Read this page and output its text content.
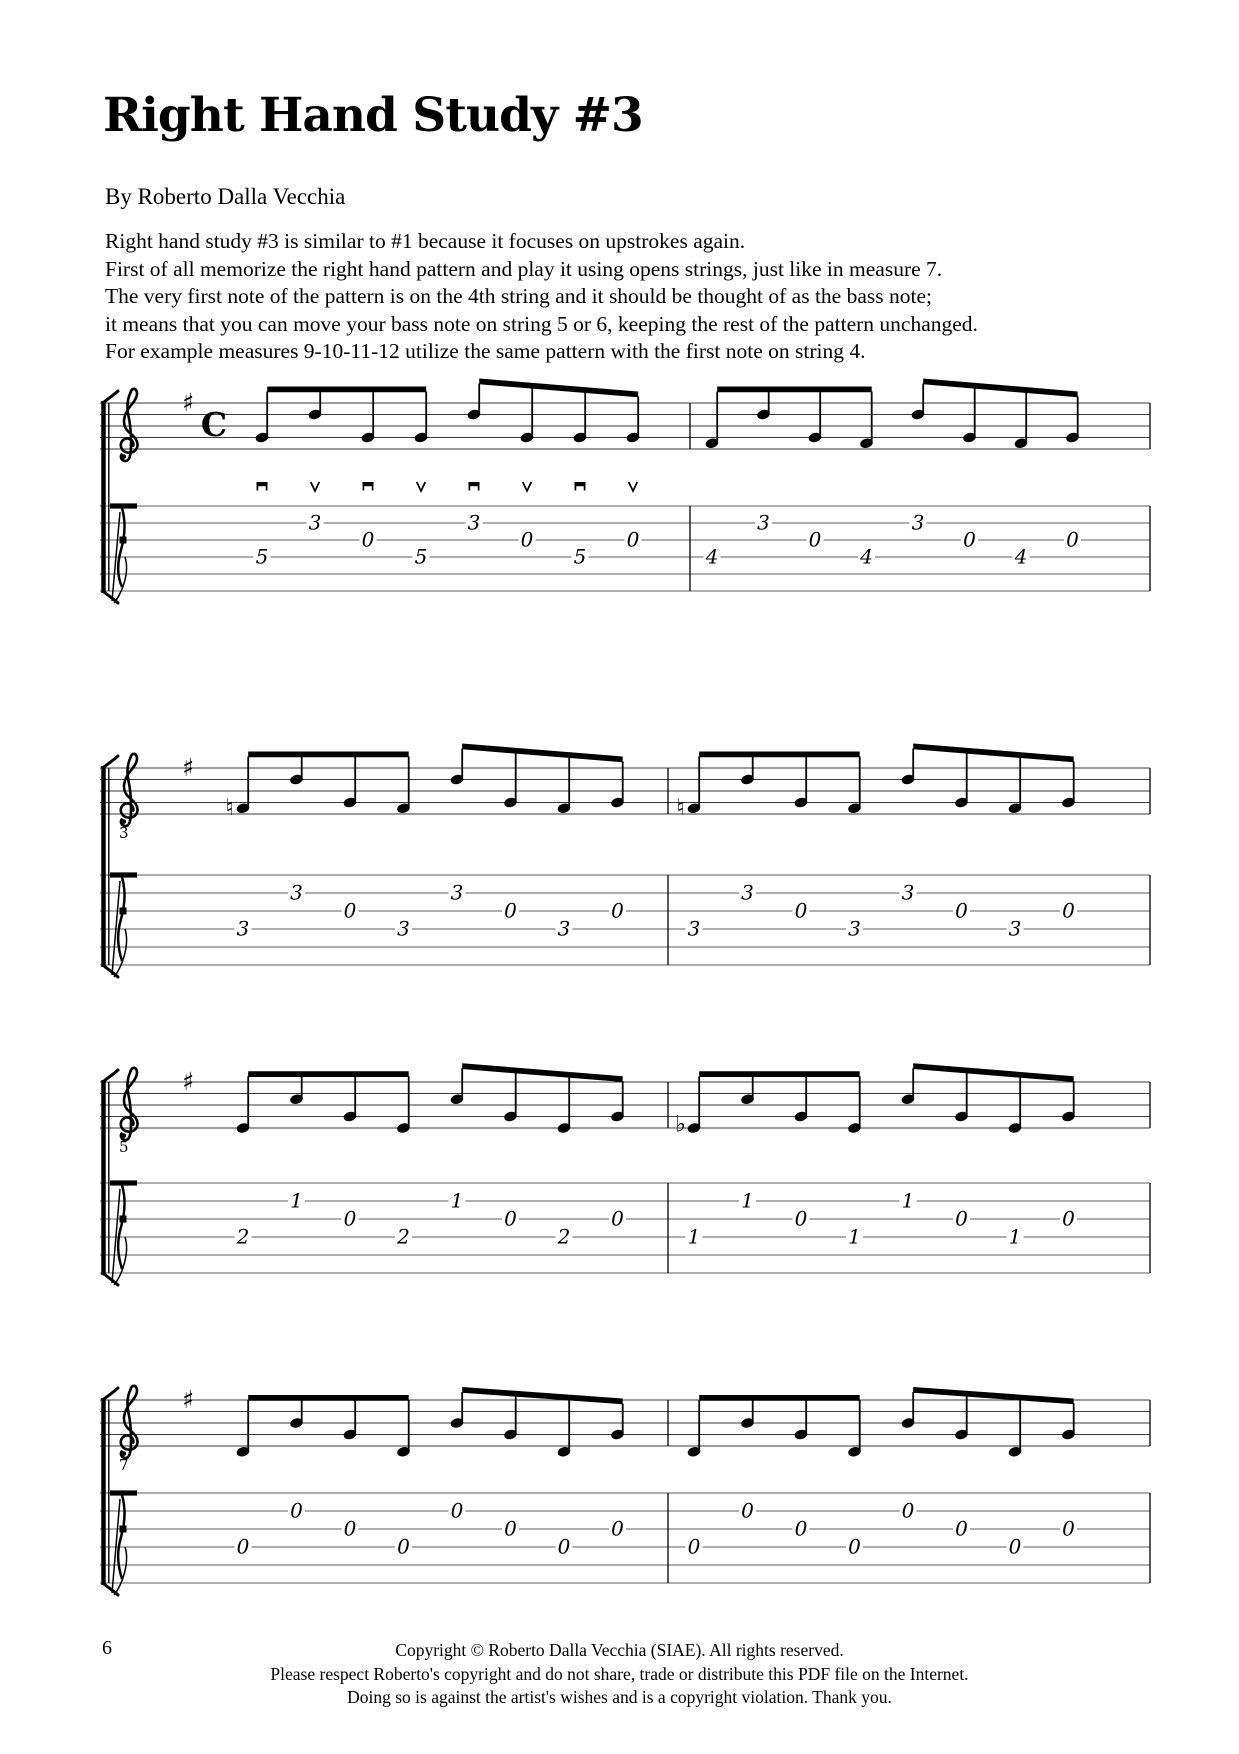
♯
C
5
3
0
5
3
0
5
0
4
3
0
4
3
0
4
0
♯
3
♮
3
3
0
3
3
0
3
0
♮
3
3
0
3
3
0
3
0
♯
5
2
1
0
2
1
0
2
0
♭
1
1
0
1
1
0
1
0
♯
7
0
0
0
0
0
0
0
0
0
0
0
0
0
0
0
0
Right Hand Study #3
By Roberto Dalla Vecchia
Right hand study #3 is similar to #1 because it focuses on upstrokes again.
First of all memorize the right hand pattern and play it using opens strings, just like in measure 7.
The very first note of the pattern is on the 4th string and it should be thought of as the bass note;
it means that you can move your bass note on string 5 or 6, keeping the rest of the pattern unchanged.
For example measures 9-10-11-12 utilize the same pattern with the first note on string 4.
6	Copyright © Roberto Dalla Vecchia (SIAE). All rights reserved.
Please respect Roberto's copyright and do not share, trade or distribute this PDF file on the Internet.
Doing so is against the artist's wishes and is a copyright violation. Thank you.
